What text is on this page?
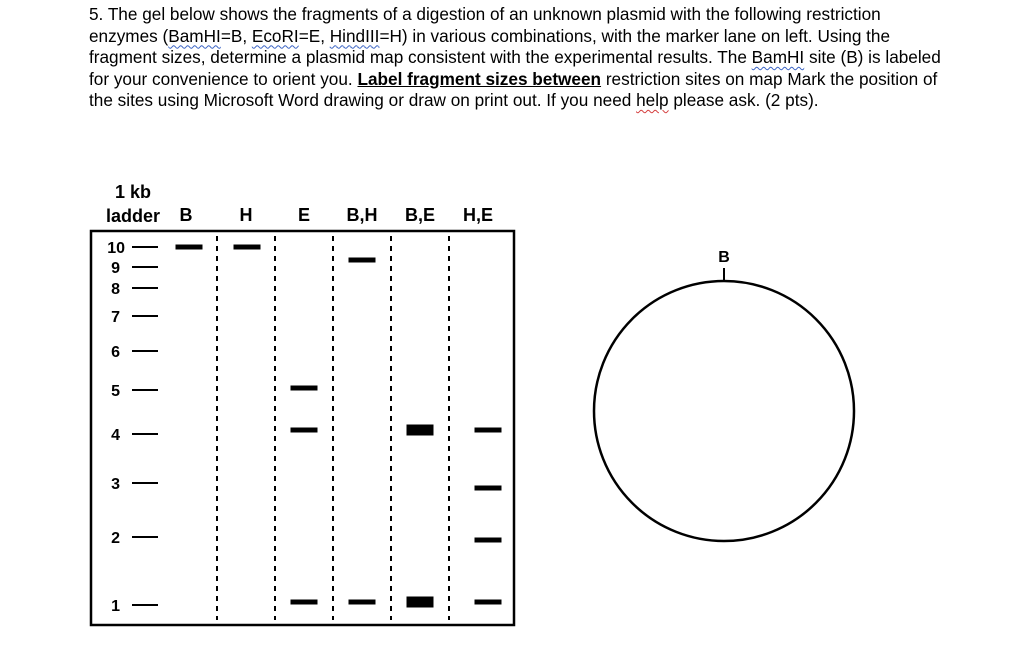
5. The gel below shows the fragments of a digestion of an unknown plasmid with the following restriction enzymes (BamHI=B, EcoRI=E, HindIII=H) in various combinations, with the marker lane on left. Using the fragment sizes, determine a plasmid map consistent with the experimental results. The BamHI site (B) is labeled for your convenience to orient you. Label fragment sizes between restriction sites on map Mark the position of the sites using Microsoft Word drawing or draw on print out. If you need help please ask. (2 pts).
1 kb
ladder B	H	E B,H B,E H,E
10
9
8
7
6
5
4
3
2
1
B
